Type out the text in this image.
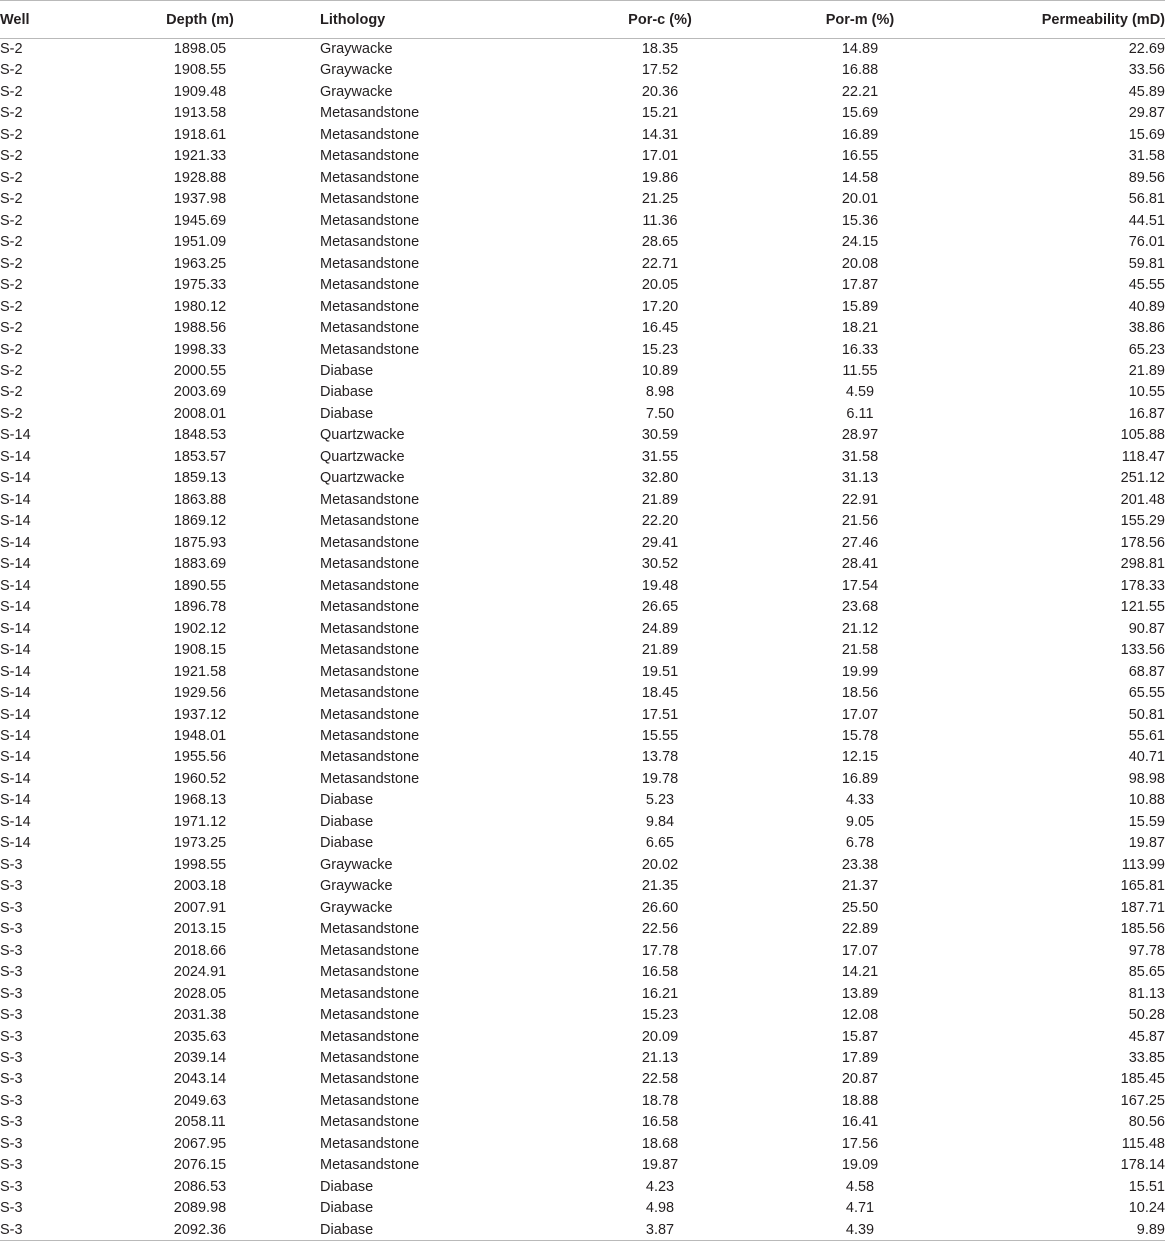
Well	Depth (m)	Lithology	Por-c (%)	Por-m (%)	Permeability (mD)
S-2	1898.05	Graywacke	18.35	14.89	22.69
S-2	1908.55	Graywacke	17.52	16.88	33.56
S-2	1909.48	Graywacke	20.36	22.21	45.89
S-2	1913.58	Metasandstone	15.21	15.69	29.87
S-2	1918.61	Metasandstone	14.31	16.89	15.69
S-2	1921.33	Metasandstone	17.01	16.55	31.58
S-2	1928.88	Metasandstone	19.86	14.58	89.56
S-2	1937.98	Metasandstone	21.25	20.01	56.81
S-2	1945.69	Metasandstone	11.36	15.36	44.51
S-2	1951.09	Metasandstone	28.65	24.15	76.01
S-2	1963.25	Metasandstone	22.71	20.08	59.81
S-2	1975.33	Metasandstone	20.05	17.87	45.55
S-2	1980.12	Metasandstone	17.20	15.89	40.89
S-2	1988.56	Metasandstone	16.45	18.21	38.86
S-2	1998.33	Metasandstone	15.23	16.33	65.23
S-2	2000.55	Diabase	10.89	11.55	21.89
S-2	2003.69	Diabase	8.98	4.59	10.55
S-2	2008.01	Diabase	7.50	6.11	16.87
S-14	1848.53	Quartzwacke	30.59	28.97	105.88
S-14	1853.57	Quartzwacke	31.55	31.58	118.47
S-14	1859.13	Quartzwacke	32.80	31.13	251.12
S-14	1863.88	Metasandstone	21.89	22.91	201.48
S-14	1869.12	Metasandstone	22.20	21.56	155.29
S-14	1875.93	Metasandstone	29.41	27.46	178.56
S-14	1883.69	Metasandstone	30.52	28.41	298.81
S-14	1890.55	Metasandstone	19.48	17.54	178.33
S-14	1896.78	Metasandstone	26.65	23.68	121.55
S-14	1902.12	Metasandstone	24.89	21.12	90.87
S-14	1908.15	Metasandstone	21.89	21.58	133.56
S-14	1921.58	Metasandstone	19.51	19.99	68.87
S-14	1929.56	Metasandstone	18.45	18.56	65.55
S-14	1937.12	Metasandstone	17.51	17.07	50.81
S-14	1948.01	Metasandstone	15.55	15.78	55.61
S-14	1955.56	Metasandstone	13.78	12.15	40.71
S-14	1960.52	Metasandstone	19.78	16.89	98.98
S-14	1968.13	Diabase	5.23	4.33	10.88
S-14	1971.12	Diabase	9.84	9.05	15.59
S-14	1973.25	Diabase	6.65	6.78	19.87
S-3	1998.55	Graywacke	20.02	23.38	113.99
S-3	2003.18	Graywacke	21.35	21.37	165.81
S-3	2007.91	Graywacke	26.60	25.50	187.71
S-3	2013.15	Metasandstone	22.56	22.89	185.56
S-3	2018.66	Metasandstone	17.78	17.07	97.78
S-3	2024.91	Metasandstone	16.58	14.21	85.65
S-3	2028.05	Metasandstone	16.21	13.89	81.13
S-3	2031.38	Metasandstone	15.23	12.08	50.28
S-3	2035.63	Metasandstone	20.09	15.87	45.87
S-3	2039.14	Metasandstone	21.13	17.89	33.85
S-3	2043.14	Metasandstone	22.58	20.87	185.45
S-3	2049.63	Metasandstone	18.78	18.88	167.25
S-3	2058.11	Metasandstone	16.58	16.41	80.56
S-3	2067.95	Metasandstone	18.68	17.56	115.48
S-3	2076.15	Metasandstone	19.87	19.09	178.14
S-3	2086.53	Diabase	4.23	4.58	15.51
S-3	2089.98	Diabase	4.98	4.71	10.24
S-3	2092.36	Diabase	3.87	4.39	9.89
